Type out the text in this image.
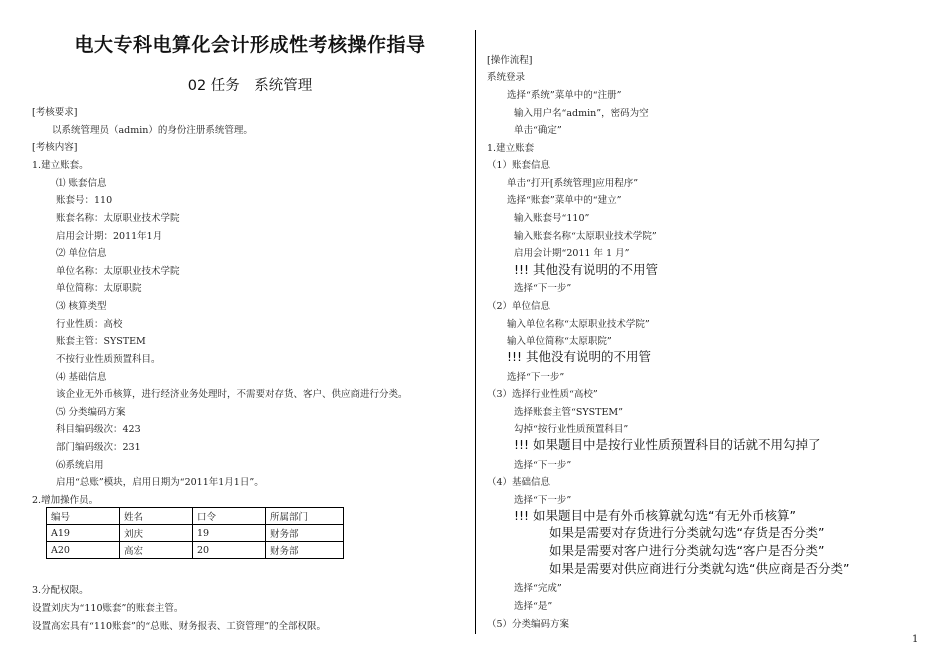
电大专科电算化会计形成性考核操作指导
02 任务　系统管理
[考核要求]
以系统管理员（admin）的身份注册系统管理。
[考核内容]
1.建立账套。
⑴ 账套信息
账套号：110
账套名称：太原职业技术学院
启用会计期：2011年1月
⑵ 单位信息
单位名称：太原职业技术学院
单位简称：太原职院
⑶ 核算类型
行业性质：高校
账套主管：SYSTEM
不按行业性质预置科目。
⑷ 基础信息
该企业无外币核算，进行经济业务处理时，不需要对存货、客户、供应商进行分类。
⑸ 分类编码方案
科目编码级次：423
部门编码级次：231
⑹系统启用
启用“总账”模块，启用日期为“2011年1月1日”。
2.增加操作员。
编号	姓名	口令	所属部门
A19	刘庆	19	财务部
A20	高宏	20	财务部
3.分配权限。
设置刘庆为“110账套”的账套主管。
设置高宏具有“110账套”的“总账、财务报表、工资管理”的全部权限。
[操作流程]
系统登录
选择“系统”菜单中的“注册”
输入用户名“admin”，密码为空
单击“确定”
1.建立账套
（1）账套信息
单击“打开[系统管理]应用程序”
选择“账套”菜单中的“建立”
输入账套号“110”
输入账套名称“太原职业技术学院”
启用会计期“2011 年 1 月”
!!! 其他没有说明的不用管
选择“下一步”
（2）单位信息
输入单位名称“太原职业技术学院”
输入单位简称“太原职院”
!!! 其他没有说明的不用管
选择“下一步”
（3）选择行业性质“高校”
选择账套主管“SYSTEM”
勾掉“按行业性质预置科目”
!!! 如果题目中是按行业性质预置科目的话就不用勾掉了
选择“下一步”
（4）基础信息
选择“下一步”
!!! 如果题目中是有外币核算就勾选“有无外币核算”
如果是需要对存货进行分类就勾选“存货是否分类”
如果是需要对客户进行分类就勾选“客户是否分类”
如果是需要对供应商进行分类就勾选“供应商是否分类”
选择“完成”
选择“是”
（5）分类编码方案
1
